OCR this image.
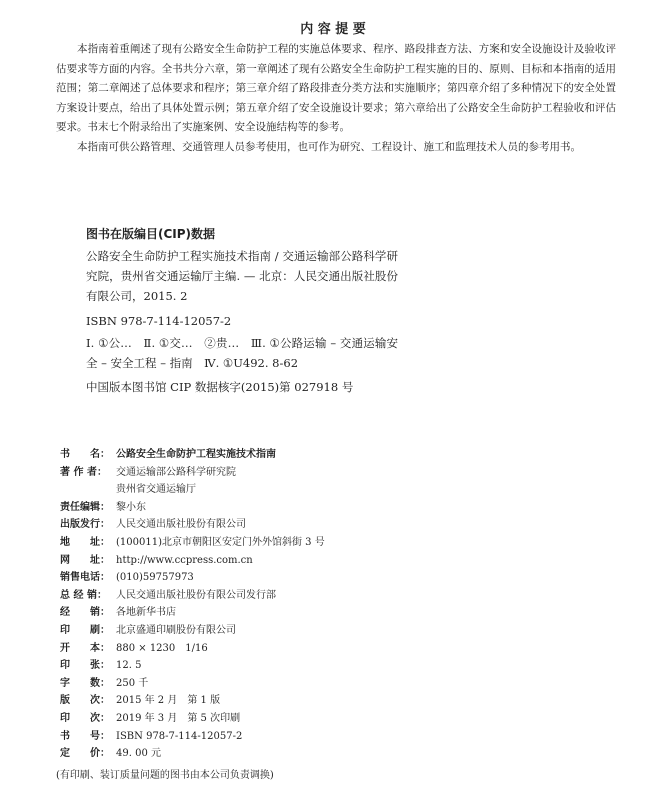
内 容 提 要

本指南着重阐述了现有公路安全生命防护工程的实施总体要求、程序、路段排查方法、方案和安全设施设计及验收评估要求等方面的内容。全书共分六章，第一章阐述了现有公路安全生命防护工程实施的目的、原则、目标和本指南的适用范围；第二章阐述了总体要求和程序；第三章介绍了路段排查分类方法和实施顺序；第四章介绍了多种情况下的安全处置方案设计要点，给出了具体处置示例；第五章介绍了安全设施设计要求；第六章给出了公路安全生命防护工程验收和评估要求。书末七个附录给出了实施案例、安全设施结构等的参考。

本指南可供公路管理、交通管理人员参考使用，也可作为研究、工程设计、施工和监理技术人员的参考用书。

图书在版编目(CIP)数据
公路安全生命防护工程实施技术指南 / 交通运输部公路科学研究院，贵州省交通运输厅主编. — 北京：人民交通出版社股份有限公司，2015. 2
ISBN 978-7-114-12057-2
Ⅰ. ①公…　Ⅱ. ①交…　②贵…　Ⅲ. ①公路运输 – 交通运输安全 – 安全工程 – 指南　Ⅳ. ①U492. 8-62
中国版本图书馆 CIP 数据核字(2015)第 027918 号
书　　名： 公路安全生命防护工程实施技术指南
著 作 者： 交通运输部公路科学研究院
贵州省交通运输厅
责任编辑： 黎小东
出版发行： 人民交通出版社股份有限公司
地　　址： (100011)北京市朝阳区安定门外外馆斜街 3 号
网　　址： http://www.ccpress.com.cn
销售电话： (010)59757973
总 经 销： 人民交通出版社股份有限公司发行部
经　　销： 各地新华书店
印　　刷： 北京盛通印刷股份有限公司
开　　本： 880 × 1230　1/16
印　　张： 12. 5
字　　数： 250 千
版　　次： 2015 年 2 月　第 1 版
印　　次： 2019 年 3 月　第 5 次印刷
书　　号： ISBN 978-7-114-12057-2
定　　价： 49. 00 元
(有印刷、装订质量问题的图书由本公司负责调换)
